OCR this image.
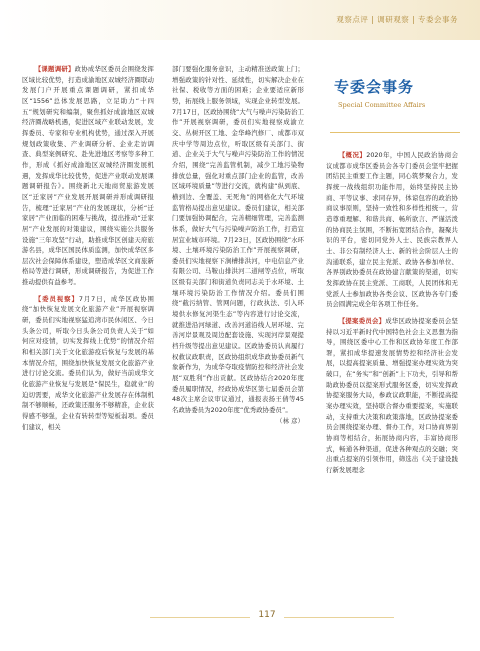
观察点评 | 调研观察 | 专委会事务

【课题调研】政协成华区委员会围绕发挥区域比较优势，打造成渝地区双城经济圈联动发展门户开展重点课题调研，紧扣成华区“1556”总体发展思路，立足助力“十四五”规划研究和编制，聚焦抓好成渝地区双城经济圈战略机遇，促进区域产业联动发展，发挥委员、专家和专业机构优势，通过深入开展规划政策收集、产业调研分析、企业走访调查、典型案例研究、赴先进地区考察等多种工作，形成《抓好成渝地区双城经济圈发展机遇，发挥成华比较优势，促进产业联动发展课题调研报告》。围绕新北天地商贸旅游发展区“迁家居”产业发展开展调研并形成调研报告，梳理“迁家居”产业的发展现状，分析“迁家居”产业面临的困难与挑战，提出推动“迁家居”产业发展的对策建议，围绕实施公共服务设施“三年攻坚”行动，助推成华区创建天府旅游名县，成华区国民体质监测，加快成华区多层次社会保障体系建设，塑造成华区文商旅新格局等进行调研，形成调研报告，为促进工作推动提供有益参考。

【委员视察】7月7日，成华区政协围绕“加快恢复发展文化旅游产业”开展视察调研，委员们实地视察猛追湾市民休闲区、今日头条公司，听取今日头条公司负责人关于“如何应对疫情，切实发挥线上优势”的情况介绍和相关部门关于文化旅游疫后恢复与发展的基本情况介绍，围绕加快恢复发展文化旅游产业进行讨论交流。委员们认为，做好当前成华文化旅游产业恢复与发展是“保民生，稳就业”的迫切需要，成华文化旅游产业发展存在体制机制不够顺畅，还政策还服务不够精准，企业获得感不够强，企业有转转型等短板弱项。委员们建议，相关

部门要强化服务意识，主动精准送政策上门；增强政策的针对性、延续性，切实解决企业在社保、税收等方面的困难；企业要适应新形势，拓展线上服务领域，实现企业转型发展。7月17日，区政协围绕“大气与噪声污染防治工作”开展视察调研，委员们实地视察成渝立交、丛树开区工地、金华峰汽修厂、成都市双庆中学等周边点位，听取区级有关部门、街道、企业关于大气与噪声污染防治工作的情况介绍，围绕“完善监管机制，减少工地污染物排放总量，强化对重点部门企业的监管，改善区域环境质量”等进行交流，就构建“纵到底、横到边、全覆盖、无死角”的网格化大气环境监管格局提出意见建议。委员们建议，相关部门要加强协调配合，完善精细管理，完善监测体系，做好大气与污染噪声防治工作，打造宜居宜业城市环境。7月23日，区政协围绕“水环境、土壤环境污染防治工作”开展视察调研，委员们实地视察下涧槽排洪河，中电信息产业有限公司、马鞍山排洪河二道闸等点位，听取区级有关部门和街道负责同志关于水环境、土壤环境污染防治工作情况介绍。委员们围绕“截污纳管、管网问题，行政执法、引入环境供水修复河渠生态”等内容进行讨论交流，就推进沿河绿道、改善河道沿线人居环境、完善河岸景观及周边配套设施、实现河岸景观提档升级等提出意见建议。区政协委员认真履行权救议政职责，区政协组织成华政协委员新气象新作为，为成华夺取疫情防控和经济社会发展“双胜利”作出贡献。区政协结合2020年度委员履职情况，经政协成华区第七届委员会第48次主席会议审议通过，通报表扬王倩等45名政协委员为2020年度“优秀政协委员”。
（林 彦）

专委会事务
Special Committee Affairs

【概况】2020年，中国人民政治协商会议成都市成华区委员会各专门委员会坚牢把握团结民主重要工作主题，同心筑梦聚合力，发挥统一战线组织功能作用，始终坚持民主协商、平等议事、求同存异，体谅包容的政治协商议事原则，坚持一致性和多样性相统一，营造尊重理解、和谐共商、畅所欲言、严谨活泼的协商民主氛围，不断拓宽团结合作，凝聚共识的平台，密切同党外人士、民族宗教界人士、非公有制经济人士、新的社会阶层人士的沟通联系，建立民主党派、政协各参加单位、各界别政协委员在政协建言献策的渠道，切实发挥政协在民主党派、工商联，人民团体和无党派人士参加政协各类会议、区政协各专门委员会圆满完成全年各项工作任务。

【提案委员会】成华区政协提案委员会坚持以习近平新时代中国特色社会主义思想为指导，围绕区委中心工作和区政协年度工作部署，紧扣成华提速发展情势控和经济社会发展，以提高提案质量、增强提案办理实效为突破口，在“务实”和“创新”上下功夫，引导和帮助政协委员以提案形式服务区委，切实发挥政协提案服务大局，参政议政职能，不断提高提案办理实效，坚持联合督办重要提案，实施联动，支持重大决策和政策落地，区政协提案委员会围绕提案办理、督办工作，对口协商界别协商等相结合，拓展协商内容，丰富协商形式，畅通各种渠道，促进各种观点的交融；突出重点提案的引领作用，筛选出《关于建设践行新发展理念

117
